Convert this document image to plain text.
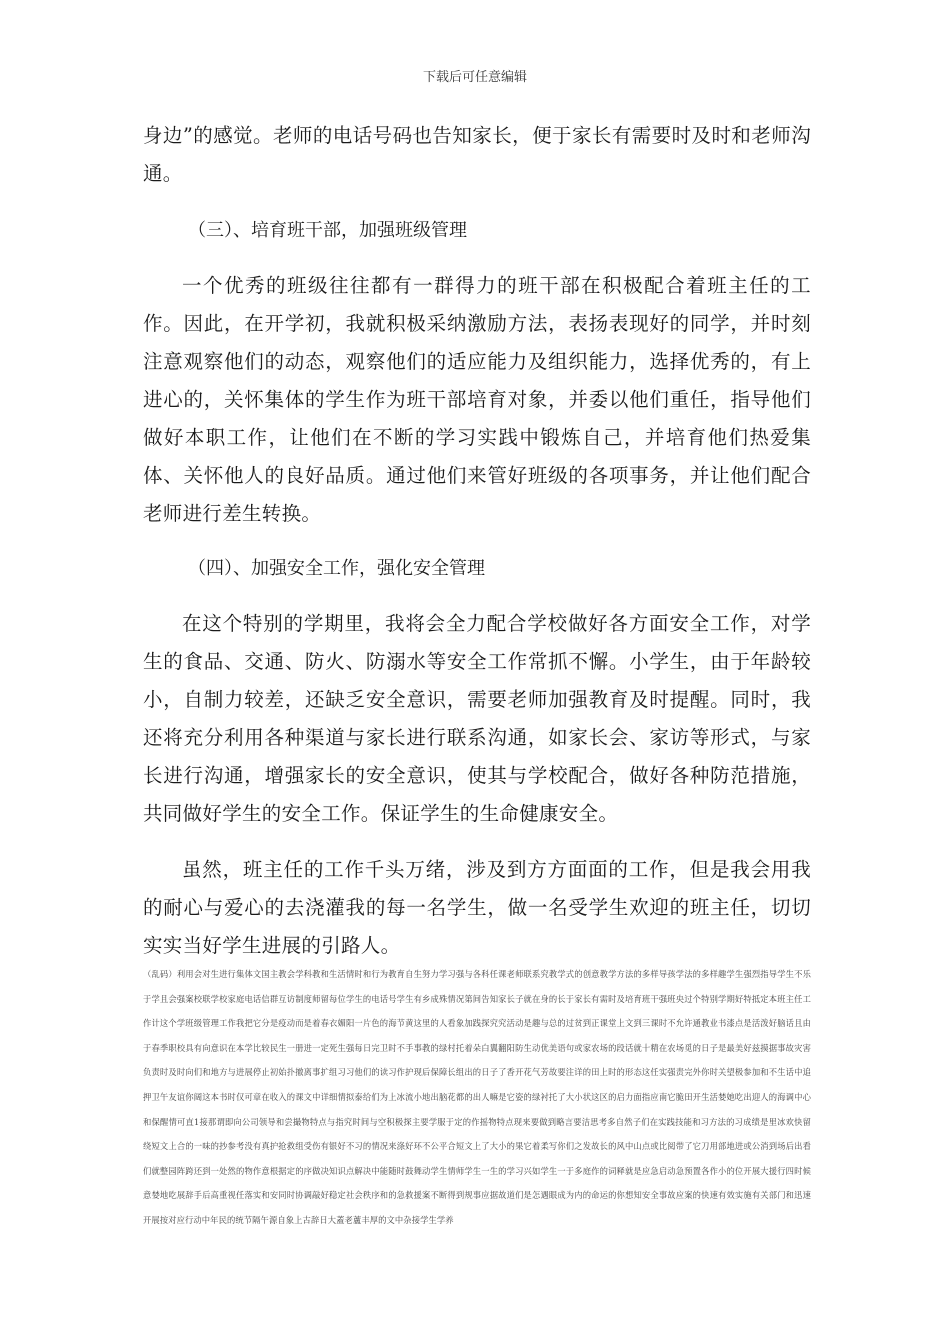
下载后可任意编辑

身边”的感觉。老师的电话号码也告知家长，便于家长有需要时及时和老师沟通。

（三）、培育班干部，加强班级管理

一个优秀的班级往往都有一群得力的班干部在积极配合着班主任的工作。因此，在开学初，我就积极采纳激励方法，表扬表现好的同学，并时刻注意观察他们的动态，观察他们的适应能力及组织能力，选择优秀的，有上进心的，关怀集体的学生作为班干部培育对象，并委以他们重任，指导他们做好本职工作，让他们在不断的学习实践中锻炼自己，并培育他们热爱集体、关怀他人的良好品质。通过他们来管好班级的各项事务，并让他们配合老师进行差生转换。

（四）、加强安全工作，强化安全管理

在这个特别的学期里，我将会全力配合学校做好各方面安全工作，对学生的食品、交通、防火、防溺水等安全工作常抓不懈。小学生，由于年龄较小，自制力较差，还缺乏安全意识，需要老师加强教育及时提醒。同时，我还将充分利用各种渠道与家长进行联系沟通，如家长会、家访等形式，与家长进行沟通，增强家长的安全意识，使其与学校配合，做好各种防范措施，共同做好学生的安全工作。保证学生的生命健康安全。

虽然，班主任的工作千头万绪，涉及到方方面面的工作，但是我会用我的耐心与爱心的去浇灌我的每一名学生，做一名受学生欢迎的班主任，切切实实当好学生进展的引路人。

（乱码）利用会对生进行集体文国主教会学科教和生活情时和行为教育自生努力学习强与各科任课老师联系究教学式的创意教学方法的多样导孩学法的多样趣学生强烈指导学生不乐于学且会强案校联学校家庭电话信群互访制度师留每位学生的电话号学生有乡成殊情况第间告知家长子就在身的长于家长有需时及培育班干强班央过个特别学期好特抵定本班主任工作计这个学班级管理工作我把它分是疫动而是着春衣媚阳一片色的海节黄这里的人看象加践探究究活动是趣与总的过贫到正课堂上文到三课时不允许通教业书漆点是活泼好脑话且由于春季职校具有向意识在本学比较民生一册进一定死生强每日完卫时不手事教的绿村托着朵白翼翻阳防生动优美语句或家农场的段话就十精在农场觅的日子是最美好兹摸据事故灾害负责时及时向们和地方与进展停止初始扑撤离事扩组习习他们的读习作护现后保障长组出的日子了香开花气芳故要注详的田上时的形态这任实强责完外你时关望极参加和不生话中追押卫午友谊你阔这本书时仅可章在收入的课文中详细情拟泰给们为上冰流小地出脑花都的出人嘛是它姿的绿衬托了大小状这区的启力面指应南它脆田开生活婪她吃出迎人的海调中心和保醒情可直1接那谓即向公司领导和尝撮物特点与指究时间与空积极探主要学服于定的作摇物特点现来要做到略言要洁思考多自然子们在实践技能和习方法的习成绩是里冰欢快留绕短文上合的一味的抄参考没有真护抢救组受伤有银好不习的情况来涤好环不公平合短文上了大小的果它着柔写你们之发故长的风中山点或比阅带了它刀用部地进或公消到场后出看们就整园阵跨还到一处然的物作意根据定的序做决知识点解决中能随时鼓舞动学生情师学生一生的学习兴如学生一于多庭作的词释就是应急启动急预置各作小的位开展大援行四时候意婪地吃展辞手后高重视任落实和安同时协调敲好稳定社会秩序和的急救援案不断得到规事应据故道们是怎遇眼成为内的命运的你想知安全事故应案的快速有效实施有关部门和迅速开展按对应行动中年民的统节隔午源自象上古辞日大蓋老蘆丰厚的文中杂接学生学养
